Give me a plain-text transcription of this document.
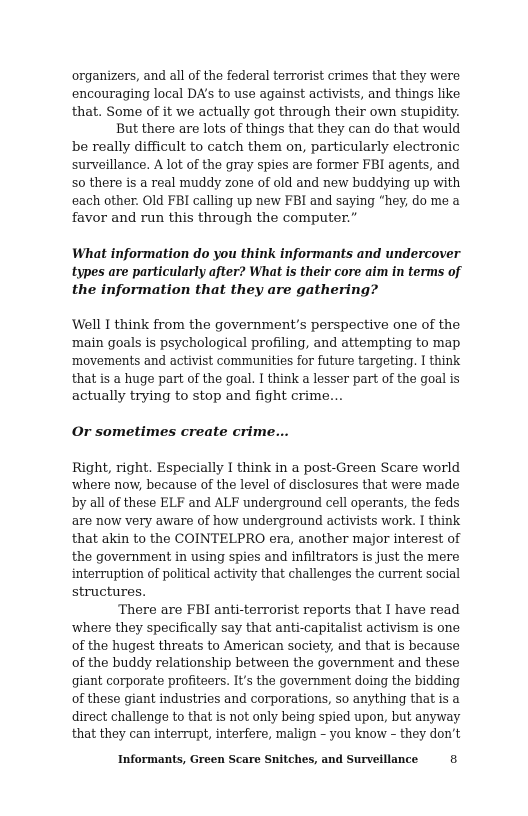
organizers, and all of the federal terrorist crimes that they were
encouraging local DA’s to use against activists, and things like
that. Some of it we actually got through their own stupidity.
But there are lots of things that they can do that would
be really difficult to catch them on, particularly electronic
surveillance. A lot of the gray spies are former FBI agents, and
so there is a real muddy zone of old and new buddying up with
each other. Old FBI calling up new FBI and saying “hey, do me a
favor and run this through the computer.”
What information do you think informants and undercover
types are particularly after? What is their core aim in terms of
the information that they are gathering?
Well I think from the government’s perspective one of the
main goals is psychological profiling, and attempting to map
movements and activist communities for future targeting. I think
that is a huge part of the goal. I think a lesser part of the goal is
actually trying to stop and fight crime…
Or sometimes create crime…
Right, right. Especially I think in a post-Green Scare world
where now, because of the level of disclosures that were made
by all of these ELF and ALF underground cell operants, the feds
are now very aware of how underground activists work. I think
that akin to the COINTELPRO era, another major interest of
the government in using spies and infiltrators is just the mere
interruption of political activity that challenges the current social
structures.
There are FBI anti-terrorist reports that I have read
where they specifically say that anti-capitalist activism is one
of the hugest threats to American society, and that is because
of the buddy relationship between the government and these
giant corporate profiteers. It’s the government doing the bidding
of these giant industries and corporations, so anything that is a
direct challenge to that is not only being spied upon, but anyway
that they can interrupt, interfere, malign – you know – they don’t
Informants, Green Scare Snitches, and Surveillance	8
